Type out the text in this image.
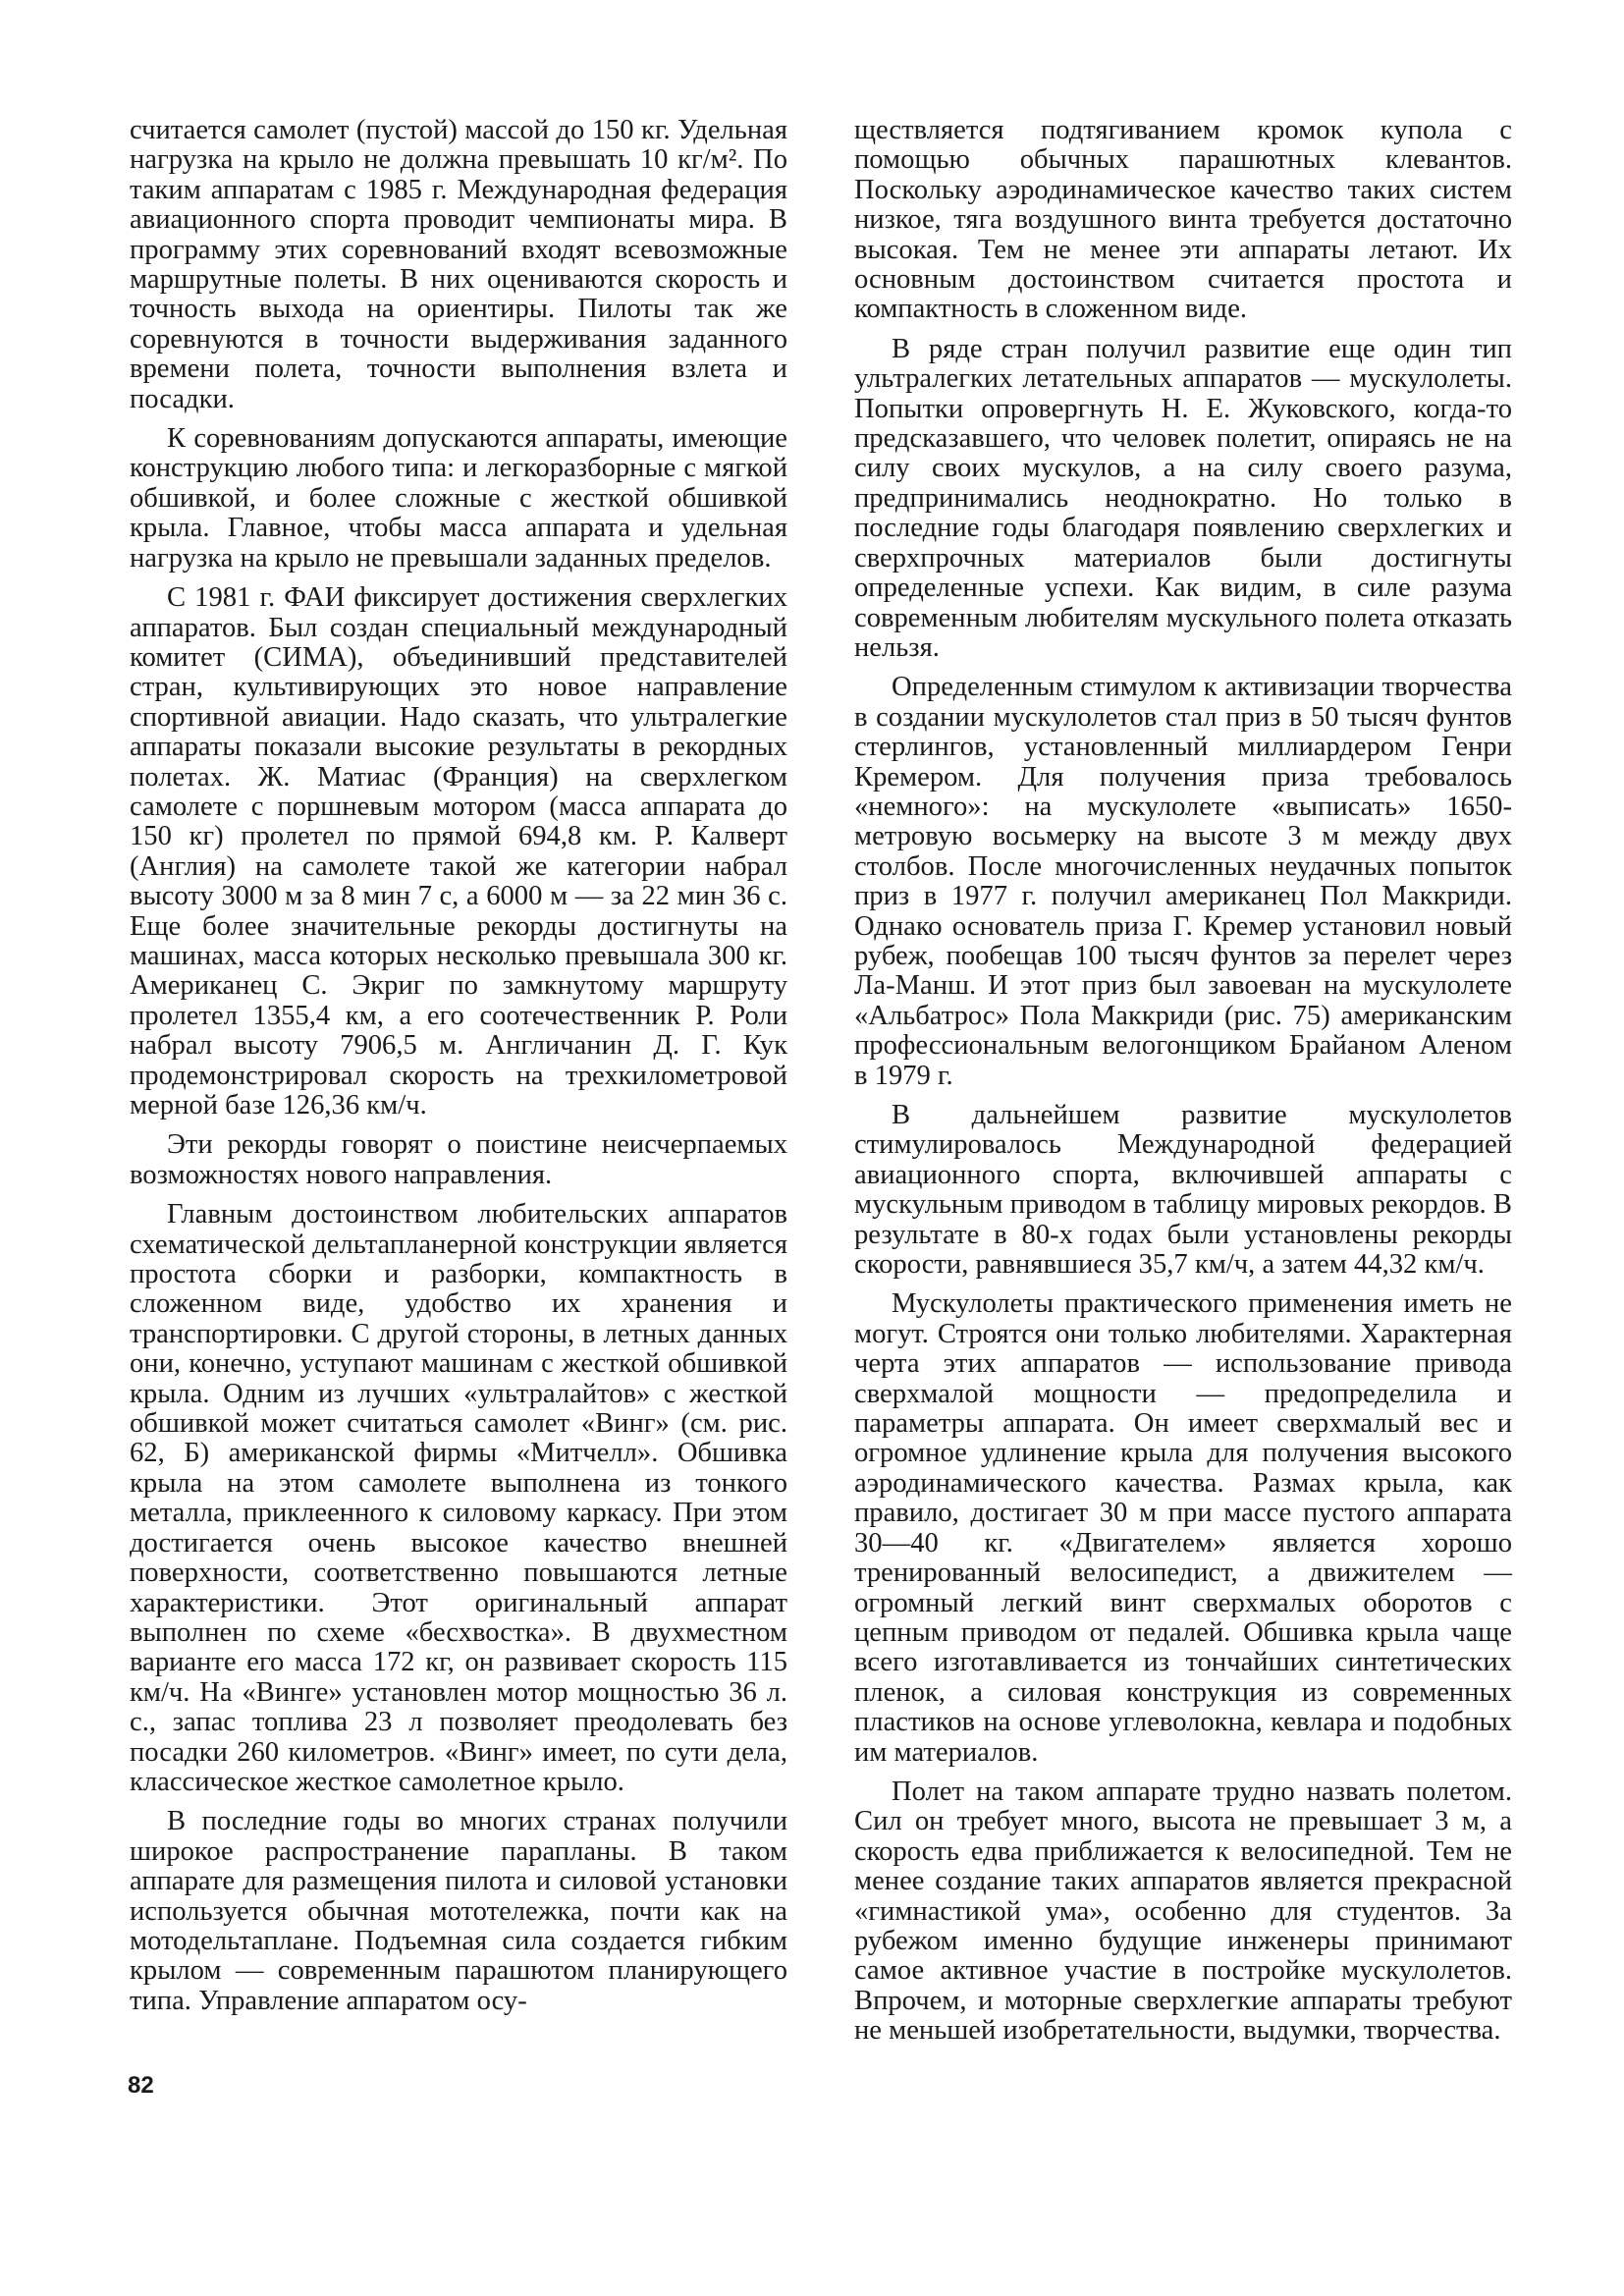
считается самолет (пустой) массой до 150 кг. Удельная нагрузка на крыло не должна превышать 10 кг/м². По таким аппаратам с 1985 г. Международная федерация авиационного спорта проводит чемпионаты мира. В программу этих соревнований входят всевозможные маршрутные полеты. В них оцениваются скорость и точность выхода на ориентиры. Пилоты так же соревнуются в точности выдерживания заданного времени полета, точности выполнения взлета и посадки.

К соревнованиям допускаются аппараты, имеющие конструкцию любого типа: и легкоразборные с мягкой обшивкой, и более сложные с жесткой обшивкой крыла. Главное, чтобы масса аппарата и удельная нагрузка на крыло не превышали заданных пределов.

С 1981 г. ФАИ фиксирует достижения сверхлегких аппаратов. Был создан специальный международный комитет (СИМА), объединивший представителей стран, культивирующих это новое направление спортивной авиации. Надо сказать, что ультралегкие аппараты показали высокие результаты в рекордных полетах. Ж. Матиас (Франция) на сверхлегком самолете с поршневым мотором (масса аппарата до 150 кг) пролетел по прямой 694,8 км. Р. Калверт (Англия) на самолете такой же категории набрал высоту 3000 м за 8 мин 7 с, а 6000 м — за 22 мин 36 с. Еще более значительные рекорды достигнуты на машинах, масса которых несколько превышала 300 кг. Американец С. Экриг по замкнутому маршруту пролетел 1355,4 км, а его соотечественник Р. Роли набрал высоту 7906,5 м. Англичанин Д. Г. Кук продемонстрировал скорость на трехкилометровой мерной базе 126,36 км/ч.

Эти рекорды говорят о поистине неисчерпаемых возможностях нового направления.

Главным достоинством любительских аппаратов схематической дельтапланерной конструкции является простота сборки и разборки, компактность в сложенном виде, удобство их хранения и транспортировки. С другой стороны, в летных данных они, конечно, уступают машинам с жесткой обшивкой крыла. Одним из лучших «ультралайтов» с жесткой обшивкой может считаться самолет «Винг» (см. рис. 62, Б) американской фирмы «Митчелл». Обшивка крыла на этом самолете выполнена из тонкого металла, приклеенного к силовому каркасу. При этом достигается очень высокое качество внешней поверхности, соответственно повышаются летные характеристики. Этот оригинальный аппарат выполнен по схеме «бесхвостка». В двухместном варианте его масса 172 кг, он развивает скорость 115 км/ч. На «Винге» установлен мотор мощностью 36 л. с., запас топлива 23 л позволяет преодолевать без посадки 260 километров. «Винг» имеет, по сути дела, классическое жесткое самолетное крыло.

В последние годы во многих странах получили широкое распространение парапланы. В таком аппарате для размещения пилота и силовой установки используется обычная мототележка, почти как на мотодельтаплане. Подъемная сила создается гибким крылом — современным парашютом планирующего типа. Управление аппаратом осу-

ществляется подтягиванием кромок купола с помощью обычных парашютных клевантов. Поскольку аэродинамическое качество таких систем низкое, тяга воздушного винта требуется достаточно высокая. Тем не менее эти аппараты летают. Их основным достоинством считается простота и компактность в сложенном виде.

В ряде стран получил развитие еще один тип ультралегких летательных аппаратов — мускулолеты. Попытки опровергнуть Н. Е. Жуковского, когда-то предсказавшего, что человек полетит, опираясь не на силу своих мускулов, а на силу своего разума, предпринимались неоднократно. Но только в последние годы благодаря появлению сверхлегких и сверхпрочных материалов были достигнуты определенные успехи. Как видим, в силе разума современным любителям мускульного полета отказать нельзя.

Определенным стимулом к активизации творчества в создании мускулолетов стал приз в 50 тысяч фунтов стерлингов, установленный миллиардером Генри Кремером. Для получения приза требовалось «немного»: на мускулолете «выписать» 1650-метровую восьмерку на высоте 3 м между двух столбов. После многочисленных неудачных попыток приз в 1977 г. получил американец Пол Маккриди. Однако основатель приза Г. Кремер установил новый рубеж, пообещав 100 тысяч фунтов за перелет через Ла-Манш. И этот приз был завоеван на мускулолете «Альбатрос» Пола Маккриди (рис. 75) американским профессиональным велогонщиком Брайаном Аленом в 1979 г.

В дальнейшем развитие мускулолетов стимулировалось Международной федерацией авиационного спорта, включившей аппараты с мускульным приводом в таблицу мировых рекордов. В результате в 80-х годах были установлены рекорды скорости, равнявшиеся 35,7 км/ч, а затем 44,32 км/ч.

Мускулолеты практического применения иметь не могут. Строятся они только любителями. Характерная черта этих аппаратов — использование привода сверхмалой мощности — предопределила и параметры аппарата. Он имеет сверхмалый вес и огромное удлинение крыла для получения высокого аэродинамического качества. Размах крыла, как правило, достигает 30 м при массе пустого аппарата 30—40 кг. «Двигателем» является хорошо тренированный велосипедист, а движителем — огромный легкий винт сверхмалых оборотов с цепным приводом от педалей. Обшивка крыла чаще всего изготавливается из тончайших синтетических пленок, а силовая конструкция из современных пластиков на основе углеволокна, кевлара и подобных им материалов.

Полет на таком аппарате трудно назвать полетом. Сил он требует много, высота не превышает 3 м, а скорость едва приближается к велосипедной. Тем не менее создание таких аппаратов является прекрасной «гимнастикой ума», особенно для студентов. За рубежом именно будущие инженеры принимают самое активное участие в постройке мускулолетов. Впрочем, и моторные сверхлегкие аппараты требуют не меньшей изобретательности, выдумки, творчества.

82
